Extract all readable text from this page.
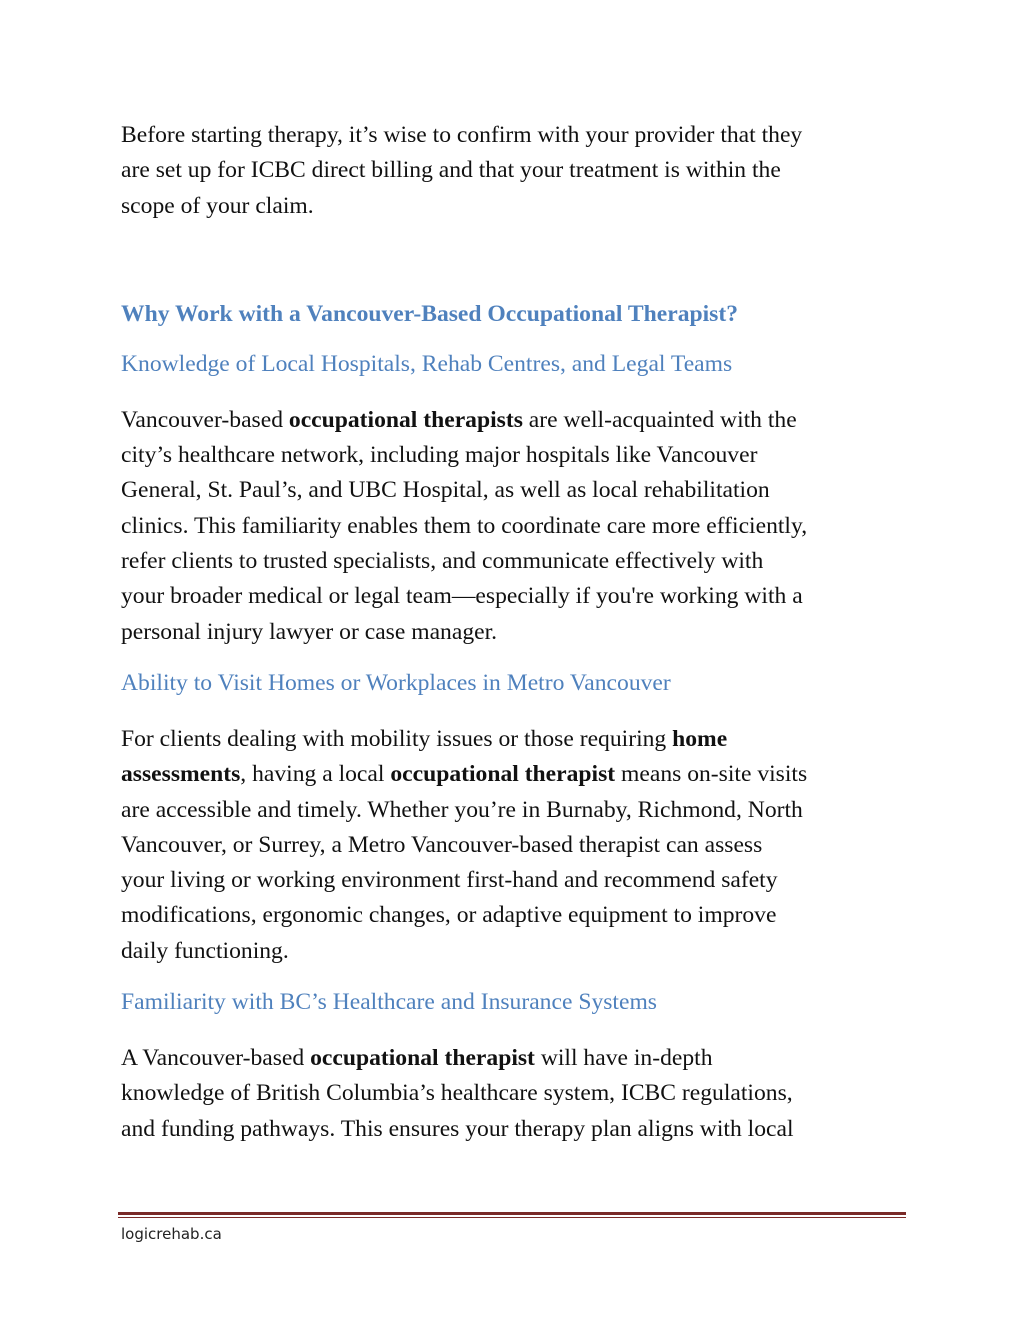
Before starting therapy, it’s wise to confirm with your provider that they
are set up for ICBC direct billing and that your treatment is within the
scope of your claim.

Why Work with a Vancouver-Based Occupational Therapist?
Knowledge of Local Hospitals, Rehab Centres, and Legal Teams

Vancouver-based occupational therapists are well-acquainted with the
city’s healthcare network, including major hospitals like Vancouver
General, St. Paul’s, and UBC Hospital, as well as local rehabilitation
clinics. This familiarity enables them to coordinate care more efficiently,
refer clients to trusted specialists, and communicate effectively with
your broader medical or legal team—especially if you're working with a
personal injury lawyer or case manager.

Ability to Visit Homes or Workplaces in Metro Vancouver

For clients dealing with mobility issues or those requiring home
assessments, having a local occupational therapist means on-site visits
are accessible and timely. Whether you’re in Burnaby, Richmond, North
Vancouver, or Surrey, a Metro Vancouver-based therapist can assess
your living or working environment first-hand and recommend safety
modifications, ergonomic changes, or adaptive equipment to improve
daily functioning.

Familiarity with BC’s Healthcare and Insurance Systems

A Vancouver-based occupational therapist will have in-depth
knowledge of British Columbia’s healthcare system, ICBC regulations,
and funding pathways. This ensures your therapy plan aligns with local

logicrehab.ca
